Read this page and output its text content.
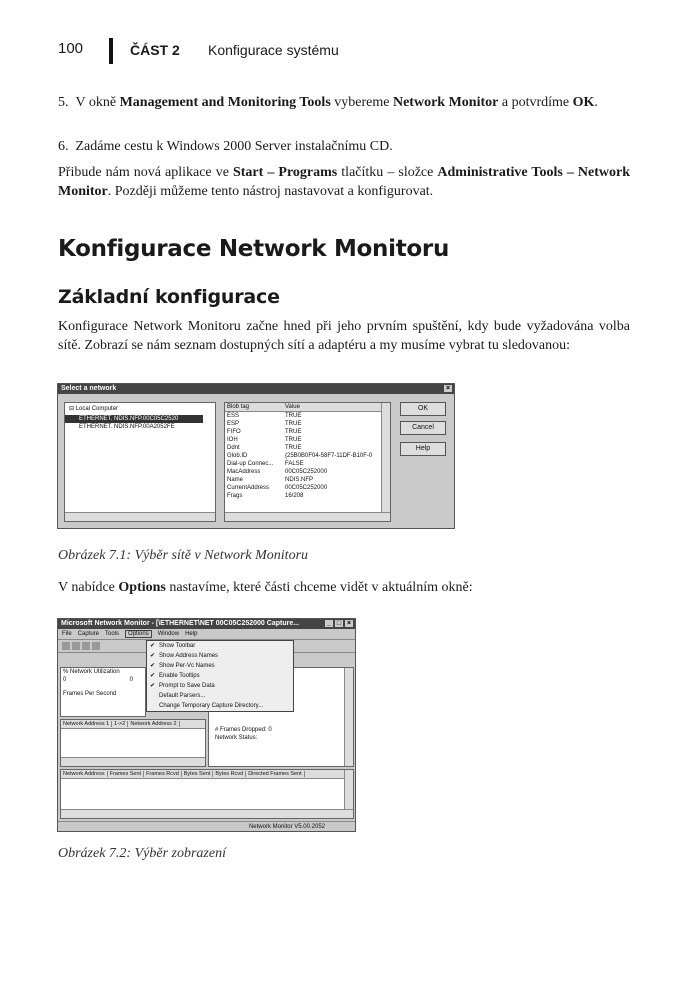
100	ČÁST 2 Konfigurace systému
5. V okně Management and Monitoring Tools vybereme Network Monitor a potvrdíme OK.
6. Zadáme cestu k Windows 2000 Server instalačnímu CD.
Přibude nám nová aplikace ve Start – Programs tlačítku – složce Administrative Tools – Network Monitor. Později můžeme tento nástroj nastavovat a konfigurovat.
Konfigurace Network Monitoru
Základní konfigurace
Konfigurace Network Monitoru začne hned při jeho prvním spuštění, kdy bude vyžadována volba sítě. Zobrazí se nám seznam dostupných sítí a adaptéru a my musíme vybrat tu sledovanou:
Select a network	×
⊟ Local Computer
ETHERNET. NDIS.NFP.00C05C2520
ETHERNET. NDIS.NFP.00A2052FE
Blob tag	Value
ESS	TRUE
ESP	TRUE
FIFO	TRUE
IOH	TRUE
Ddnt	TRUE
Glob.ID	{25B0B0F04-58F7-11DF-B10F-0
Dial-up Connec...	FALSE
MacAddress	00C05C252000
Name	NDIS.NFP
CurrentAddress	00C05C252000
Frags	16/208
OK
Cancel
Help
Obrázek 7.1: Výběr sítě v Network Monitoru
V nabídce Options nastavíme, které části chceme vidět v aktuálním okně:
Microsoft Network Monitor - [\ETHERNET\NET 00C05C252000 Capture...	×
□
_
File Capture Tools Options Window Help
% Network Utilization
0	0
Frames Per Second
Network Address 1 1->2 Network Address 2
# Frames Dropped: 0
Network Status:
Network Address Frames Sent Frames Rcvd Bytes Sent Bytes Rcvd Directed Frames Sent
Network Monitor V5.00.2052
✔ Show Toolbar
✔ Show Address Names
✔ Show Per-Vc Names
✔ Enable Tooltips
✔ Prompt to Save Data
Default Parsers...
Change Temporary Capture Directory...
Obrázek 7.2: Výběr zobrazení
